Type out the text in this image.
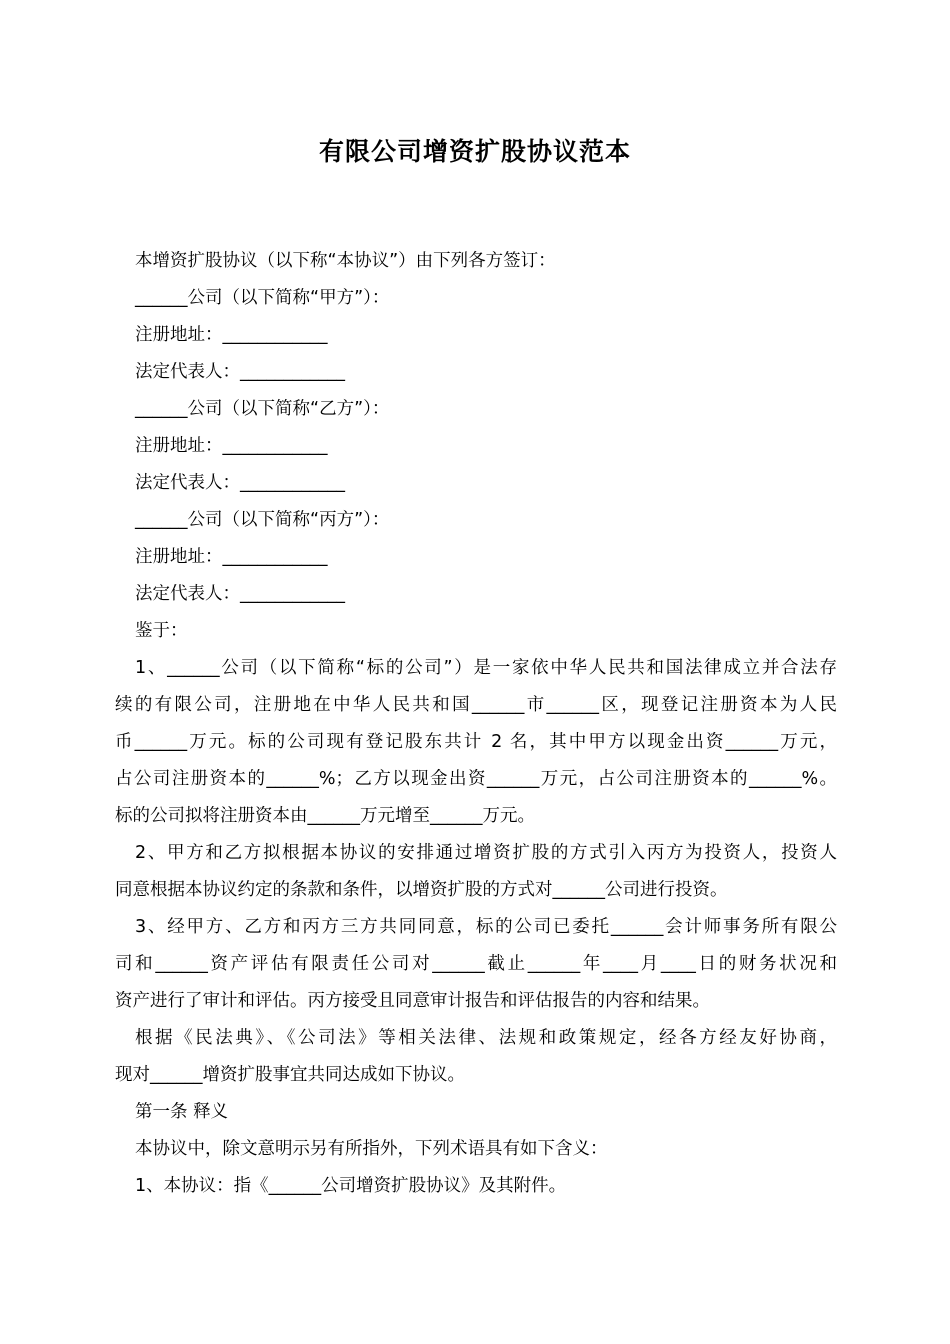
有限公司增资扩股协议范本
本增资扩股协议（以下称“本协议”）由下列各方签订：
______公司（以下简称“甲方”）：
注册地址：____________
法定代表人：____________
______公司（以下简称“乙方”）：
注册地址：____________
法定代表人：____________
______公司（以下简称“丙方”）：
注册地址：____________
法定代表人：____________
鉴于：
1、______公司（以下简称“标的公司”）是一家依中华人民共和国法律成立并合法存
续的有限公司，注册地在中华人民共和国______市______区，现登记注册资本为人民
币______万元。标的公司现有登记股东共计 2 名，其中甲方以现金出资______万元，
占公司注册资本的______%；乙方以现金出资______万元，占公司注册资本的______%。
标的公司拟将注册资本由______万元增至______万元。
2、甲方和乙方拟根据本协议的安排通过增资扩股的方式引入丙方为投资人，投资人
同意根据本协议约定的条款和条件，以增资扩股的方式对______公司进行投资。
3、经甲方、乙方和丙方三方共同同意，标的公司已委托______会计师事务所有限公
司和______资产评估有限责任公司对______截止______年____月____日的财务状况和
资产进行了审计和评估。丙方接受且同意审计报告和评估报告的内容和结果。
根据《民法典》、《公司法》等相关法律、法规和政策规定，经各方经友好协商，
现对______增资扩股事宜共同达成如下协议。
第一条 释义
本协议中，除文意明示另有所指外，下列术语具有如下含义：
1、本协议：指《______公司增资扩股协议》及其附件。
